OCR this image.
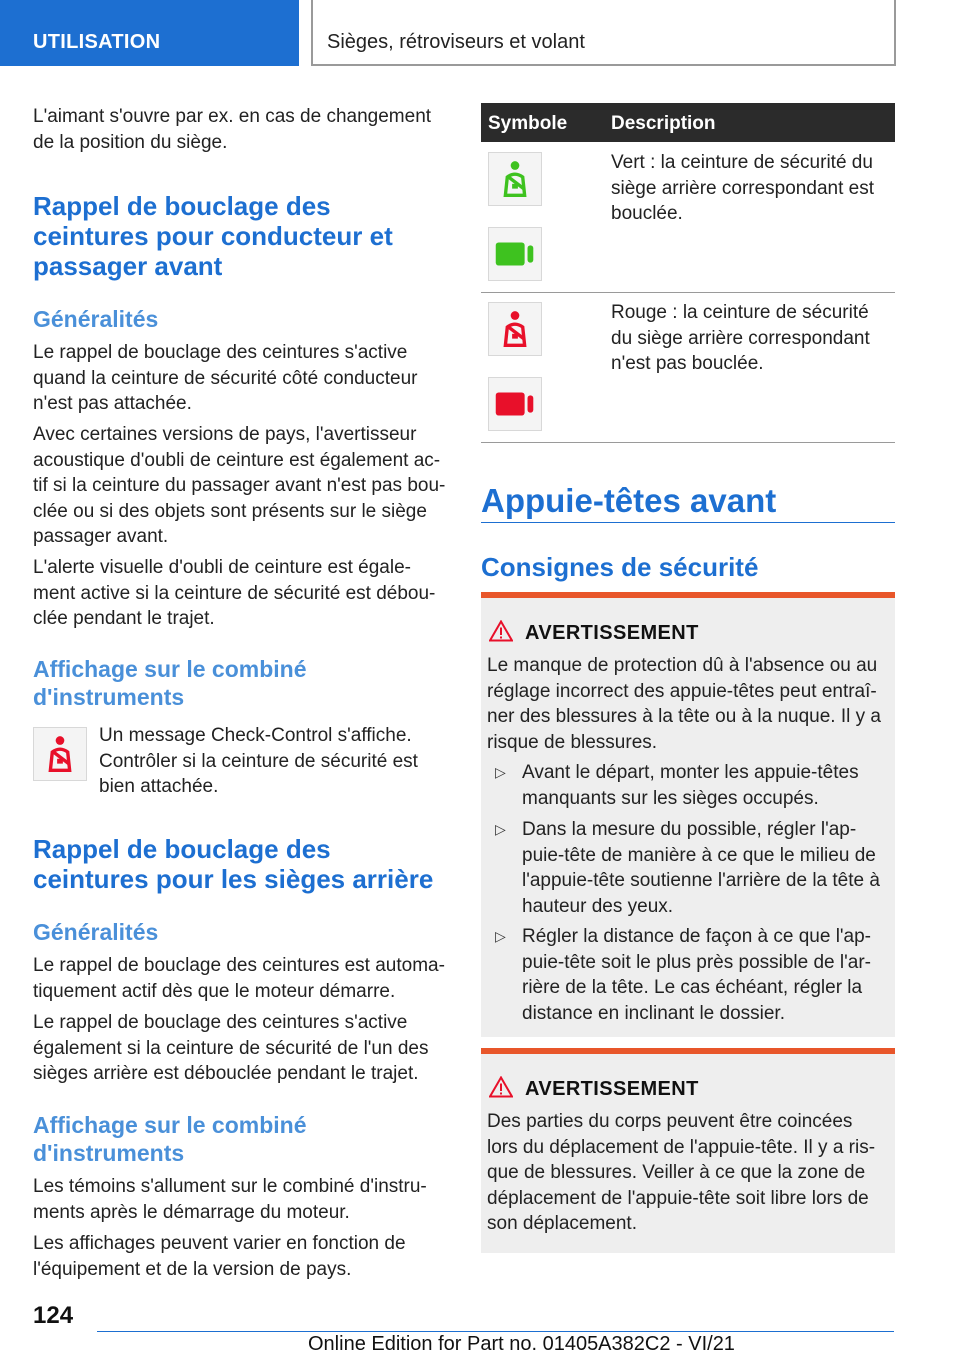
UTILISATION	Sièges, rétroviseurs et volant

L'aimant s'ouvre par ex. en cas de changement de la position du siège.

Rappel de bouclage des ceintures pour conducteur et passager avant
Généralités

Le rappel de bouclage des ceintures s'active quand la ceinture de sécurité côté conducteur n'est pas attachée.

Avec certaines versions de pays, l'avertisseur acoustique d'oubli de ceinture est également ac-tif si la ceinture du passager avant n'est pas bou-clée ou si des objets sont présents sur le siège passager avant.

L'alerte visuelle d'oubli de ceinture est égale-ment active si la ceinture de sécurité est débou-clée pendant le trajet.

Affichage sur le combiné d'instruments

Un message Check-Control s'affiche. Contrôler si la ceinture de sécurité est bien attachée.

Rappel de bouclage des ceintures pour les sièges arrière
Généralités

Le rappel de bouclage des ceintures est automa-tiquement actif dès que le moteur démarre.

Le rappel de bouclage des ceintures s'active également si la ceinture de sécurité de l'un des sièges arrière est débouclée pendant le trajet.

Affichage sur le combiné d'instruments

Les témoins s'allument sur le combiné d'instru-ments après le démarrage du moteur.

Les affichages peuvent varier en fonction de l'équipement et de la version de pays.

Symbole Description

Vert : la ceinture de sécurité du siège arrière correspondant est bouclée.

Rouge : la ceinture de sécurité du siège arrière correspondant n'est pas bouclée.

Appuie-têtes avant
Consignes de sécurité
AVERTISSEMENT
Le manque de protection dû à l'absence ou au réglage incorrect des appuie-têtes peut entraî-ner des blessures à la tête ou à la nuque. Il y a risque de blessures.
▷ Avant le départ, monter les appuie-têtes manquants sur les sièges occupés.
▷ Dans la mesure du possible, régler l'ap-puie-tête de manière à ce que le milieu de l'appuie-tête soutienne l'arrière de la tête à hauteur des yeux.
▷ Régler la distance de façon à ce que l'ap-puie-tête soit le plus près possible de l'ar-rière de la tête. Le cas échéant, régler la distance en inclinant le dossier.
AVERTISSEMENT
Des parties du corps peuvent être coincées lors du déplacement de l'appuie-tête. Il y a ris-que de blessures. Veiller à ce que la zone de déplacement de l'appuie-tête soit libre lors de son déplacement.
124
Online Edition for Part no. 01405A382C2 - VI/21
